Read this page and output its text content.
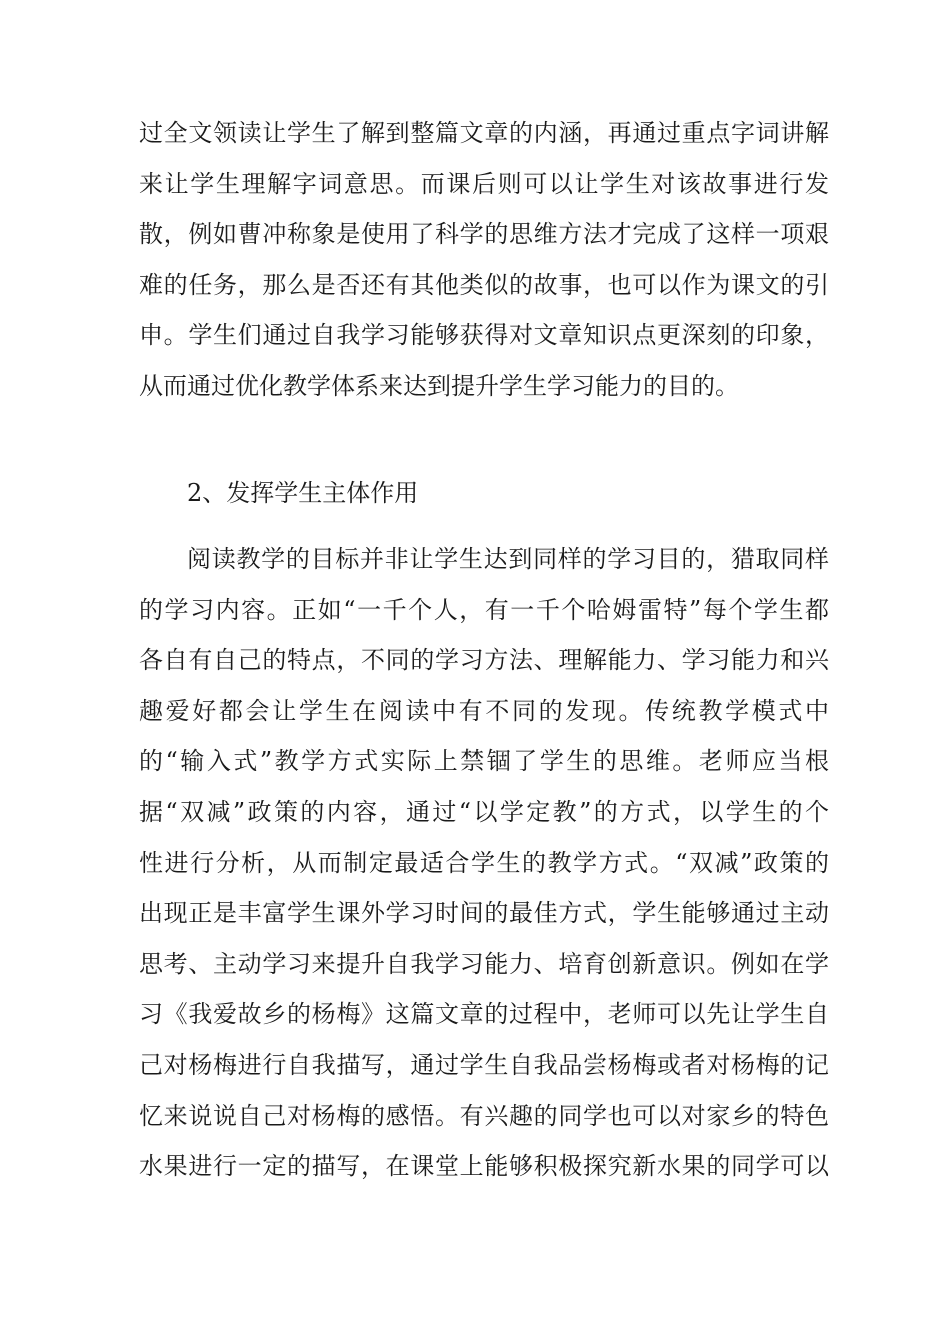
过全文领读让学生了解到整篇文章的内涵，再通过重点字词讲解
来让学生理解字词意思。而课后则可以让学生对该故事进行发
散，例如曹冲称象是使用了科学的思维方法才完成了这样一项艰
难的任务，那么是否还有其他类似的故事，也可以作为课文的引
申。学生们通过自我学习能够获得对文章知识点更深刻的印象，
从而通过优化教学体系来达到提升学生学习能力的目的。
2、发挥学生主体作用
阅读教学的目标并非让学生达到同样的学习目的，猎取同样
的学习内容。正如“一千个人，有一千个哈姆雷特”每个学生都
各自有自己的特点，不同的学习方法、理解能力、学习能力和兴
趣爱好都会让学生在阅读中有不同的发现。传统教学模式中
的“输入式”教学方式实际上禁锢了学生的思维。老师应当根
据“双减”政策的内容，通过“以学定教”的方式，以学生的个
性进行分析，从而制定最适合学生的教学方式。“双减”政策的
出现正是丰富学生课外学习时间的最佳方式，学生能够通过主动
思考、主动学习来提升自我学习能力、培育创新意识。例如在学
习《我爱故乡的杨梅》这篇文章的过程中，老师可以先让学生自
己对杨梅进行自我描写，通过学生自我品尝杨梅或者对杨梅的记
忆来说说自己对杨梅的感悟。有兴趣的同学也可以对家乡的特色
水果进行一定的描写，在课堂上能够积极探究新水果的同学可以
